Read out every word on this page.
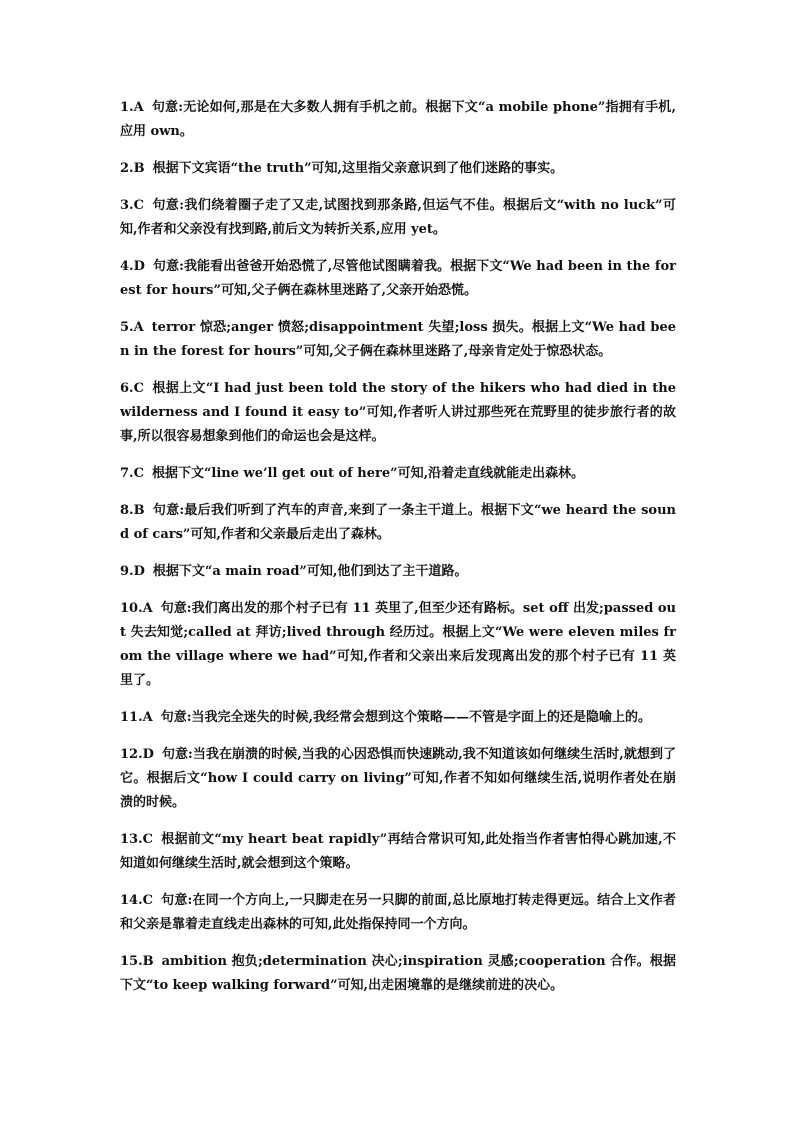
1.A 句意:无论如何,那是在大多数人拥有手机之前。根据下文“a mobile phone”指拥有手机,应用 own。

2.B 根据下文宾语“the truth”可知,这里指父亲意识到了他们迷路的事实。

3.C 句意:我们绕着圈子走了又走,试图找到那条路,但运气不佳。根据后文“with no luck”可知,作者和父亲没有找到路,前后文为转折关系,应用 yet。

4.D 句意:我能看出爸爸开始恐慌了,尽管他试图瞒着我。根据下文“We had been in the forest for hours”可知,父子俩在森林里迷路了,父亲开始恐慌。

5.A terror 惊恐;anger 愤怒;disappointment 失望;loss 损失。根据上文“We had been in the forest for hours”可知,父子俩在森林里迷路了,母亲肯定处于惊恐状态。

6.C 根据上文“I had just been told the story of the hikers who had died in the wilderness and I found it easy to”可知,作者听人讲过那些死在荒野里的徒步旅行者的故事,所以很容易想象到他们的命运也会是这样。

7.C 根据下文“line we’ll get out of here”可知,沿着走直线就能走出森林。

8.B 句意:最后我们听到了汽车的声音,来到了一条主干道上。根据下文“we heard the sound of cars”可知,作者和父亲最后走出了森林。

9.D 根据下文“a main road”可知,他们到达了主干道路。

10.A 句意:我们离出发的那个村子已有 11 英里了,但至少还有路标。set off 出发;passed out 失去知觉;called at 拜访;lived through 经历过。根据上文“We were eleven miles from the village where we had”可知,作者和父亲出来后发现离出发的那个村子已有 11 英里了。

11.A 句意:当我完全迷失的时候,我经常会想到这个策略——不管是字面上的还是隐喻上的。

12.D 句意:当我在崩溃的时候,当我的心因恐惧而快速跳动,我不知道该如何继续生活时,就想到了它。根据后文“how I could carry on living”可知,作者不知如何继续生活,说明作者处在崩溃的时候。

13.C 根据前文“my heart beat rapidly”再结合常识可知,此处指当作者害怕得心跳加速,不知道如何继续生活时,就会想到这个策略。

14.C 句意:在同一个方向上,一只脚走在另一只脚的前面,总比原地打转走得更远。结合上文作者和父亲是靠着走直线走出森林的可知,此处指保持同一个方向。

15.B ambition 抱负;determination 决心;inspiration 灵感;cooperation 合作。根据下文“to keep walking forward”可知,出走困境靠的是继续前进的决心。
